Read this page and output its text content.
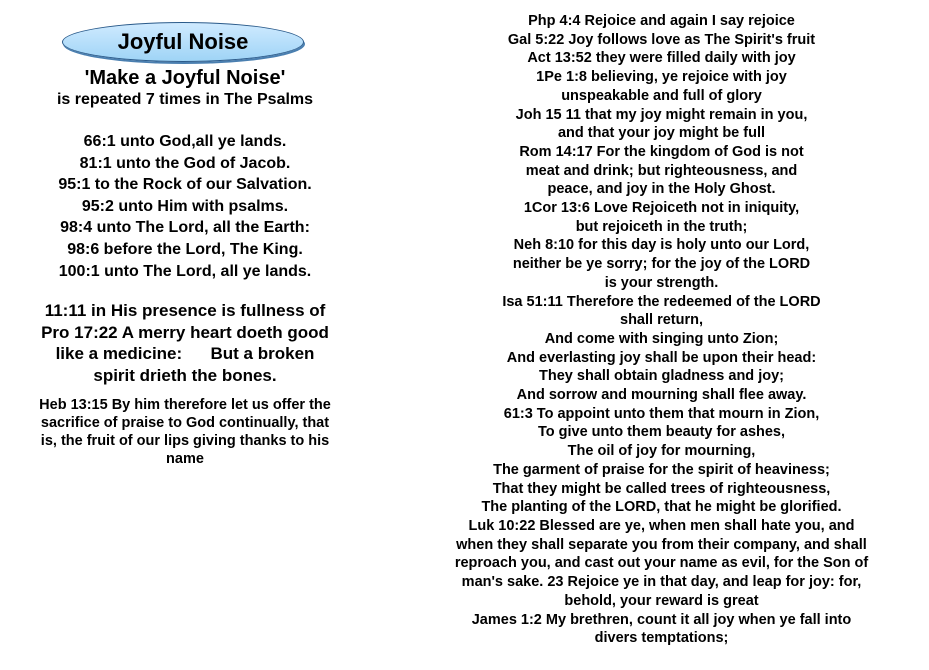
Joyful Noise
'Make a Joyful Noise'
is repeated 7 times in The Psalms
66:1 unto God,all ye lands.
81:1 unto the God of Jacob.
95:1 to the Rock of our Salvation.
95:2 unto Him with psalms.
98:4 unto The Lord, all the Earth:
98:6 before the Lord, The King.
100:1 unto The Lord, all ye lands.
11:11 in His presence is fullness of
Pro 17:22 A merry heart doeth good
like a medicine:      But a broken
spirit drieth the bones.
Heb 13:15 By him therefore let us offer the
sacrifice of praise to God continually, that
is, the fruit of our lips giving thanks to his
name
Php 4:4 Rejoice and again I say rejoice
Gal 5:22 Joy follows love as The Spirit's fruit
Act 13:52 they were filled daily with joy
1Pe 1:8 believing, ye rejoice with joy
unspeakable and full of glory
Joh 15 11 that my joy might remain in you,
and that your joy might be full
Rom 14:17 For the kingdom of God is not
meat and drink; but righteousness, and
peace, and joy in the Holy Ghost.
1Cor 13:6 Love Rejoiceth not in iniquity,
but rejoiceth in the truth;
Neh 8:10 for this day is holy unto our Lord,
neither be ye sorry; for the joy of the LORD
is your strength.
Isa 51:11 Therefore the redeemed of the LORD
shall return,
And come with singing unto Zion;
And everlasting joy shall be upon their head:
They shall obtain gladness and joy;
And sorrow and mourning shall flee away.
61:3 To appoint unto them that mourn in Zion,
To give unto them beauty for ashes,
The oil of joy for mourning,
The garment of praise for the spirit of heaviness;
That they might be called trees of righteousness,
The planting of the LORD, that he might be glorified.
Luk 10:22 Blessed are ye, when men shall hate you, and
when they shall separate you from their company, and shall
reproach you, and cast out your name as evil, for the Son of
man's sake. 23 Rejoice ye in that day, and leap for joy: for,
behold, your reward is great
James 1:2 My brethren, count it all joy when ye fall into
divers temptations;
